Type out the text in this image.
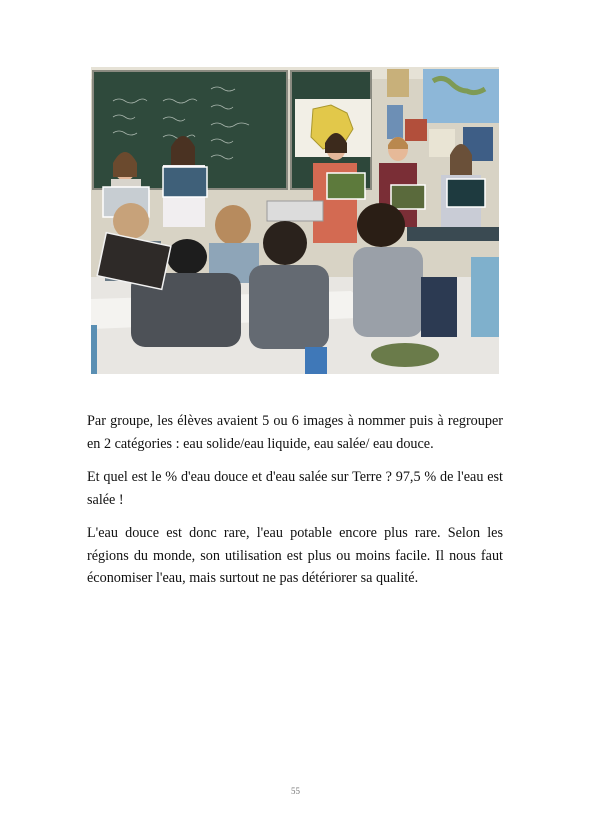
Par groupe, les élèves avaient 5 ou 6 images à nommer puis à regrouper en 2 catégories : eau solide/eau liquide, eau salée/ eau douce.

Et quel est le % d'eau douce et d'eau salée sur Terre ? 97,5 % de l'eau est salée !

L'eau douce est donc rare, l'eau potable encore plus rare. Selon les régions du monde, son utilisation est plus ou moins facile. Il nous faut économiser l'eau, mais surtout ne pas détériorer sa qualité.

55
